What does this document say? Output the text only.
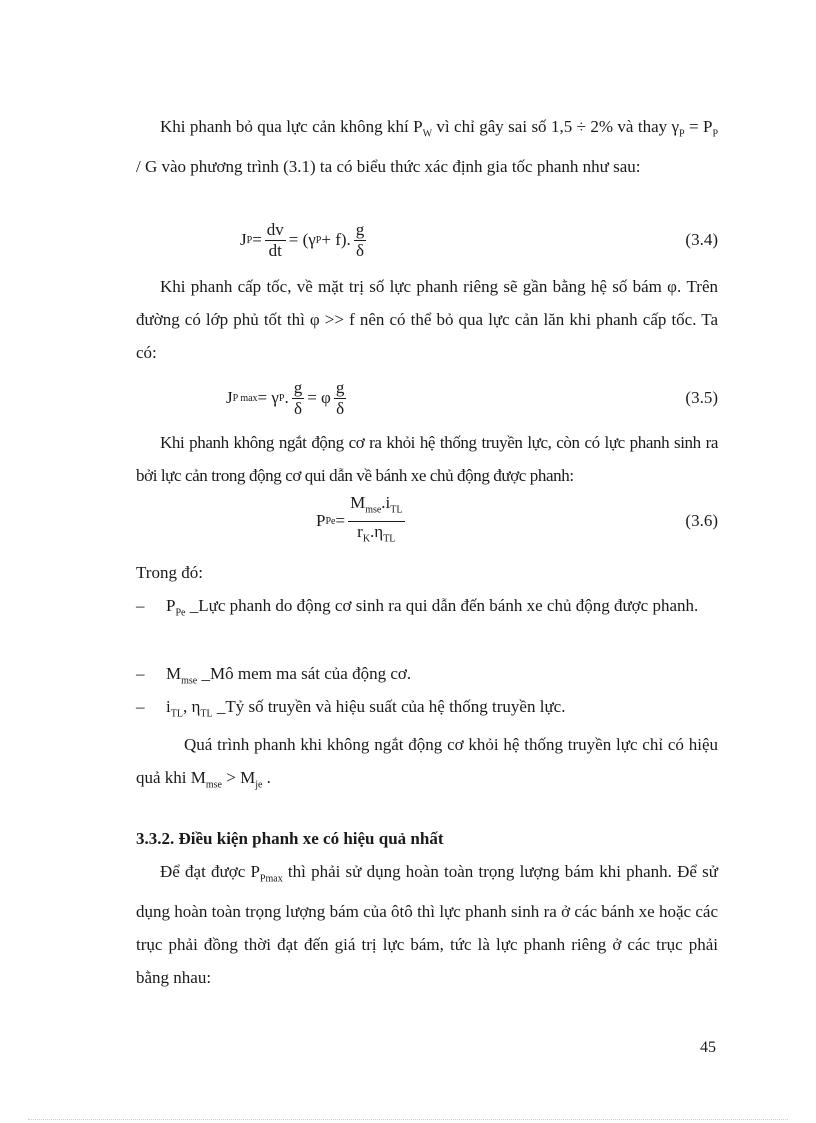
Khi phanh bỏ qua lực cản không khí $P_W$ vì chỉ gây sai số 1,5 ÷ 2% và thay $\gamma_P = P_P / G$ vào phương trình (3.1) ta có biểu thức xác định gia tốc phanh như sau:
J $P = \frac{dv}{dt} = (\gamma$ P + f). $\frac{g}{\delta}$	(3.4)
Khi phanh cấp tốc, về mặt trị số lực phanh riêng sẽ gần bằng hệ số bám φ. Trên đường có lớp phủ tốt thì φ >> f nên có thể bỏ qua lực cản lăn khi phanh cấp tốc. Ta có:
J P max = γ P . $\frac{g}{\delta} = \varphi \frac{g}{\delta}$	(3.5)
Khi phanh không ngắt động cơ ra khỏi hệ thống truyền lực, còn có lực phanh sinh ra bởi lực cản trong động cơ qui dẫn về bánh xe chủ động được phanh:
P $Pe = \frac{M_{mse}.i_{TL}}{r_K.\eta_{TL}}$	(3.6)
Trong đó:
– $P_{Pe}$ _Lực phanh do động cơ sinh ra qui dẫn đến bánh xe chủ động được phanh.
– $M_{mse}$ _Mô mem ma sát của động cơ.
– $i_{TL}$, $\eta_{TL}$ _Tỷ số truyền và hiệu suất của hệ thống truyền lực.
Quá trình phanh khi không ngắt động cơ khỏi hệ thống truyền lực chỉ có hiệu quả khi $M_{mse} > M_{je}$ .
3.3.2. Điều kiện phanh xe có hiệu quả nhất
Để đạt được $P_{Pmax}$ thì phải sử dụng hoàn toàn trọng lượng bám khi phanh. Để sử dụng hoàn toàn trọng lượng bám của ôtô thì lực phanh sinh ra ở các bánh xe hoặc các trục phải đồng thời đạt đến giá trị lực bám, tức là lực phanh riêng ở các trục phải bằng nhau:
45
